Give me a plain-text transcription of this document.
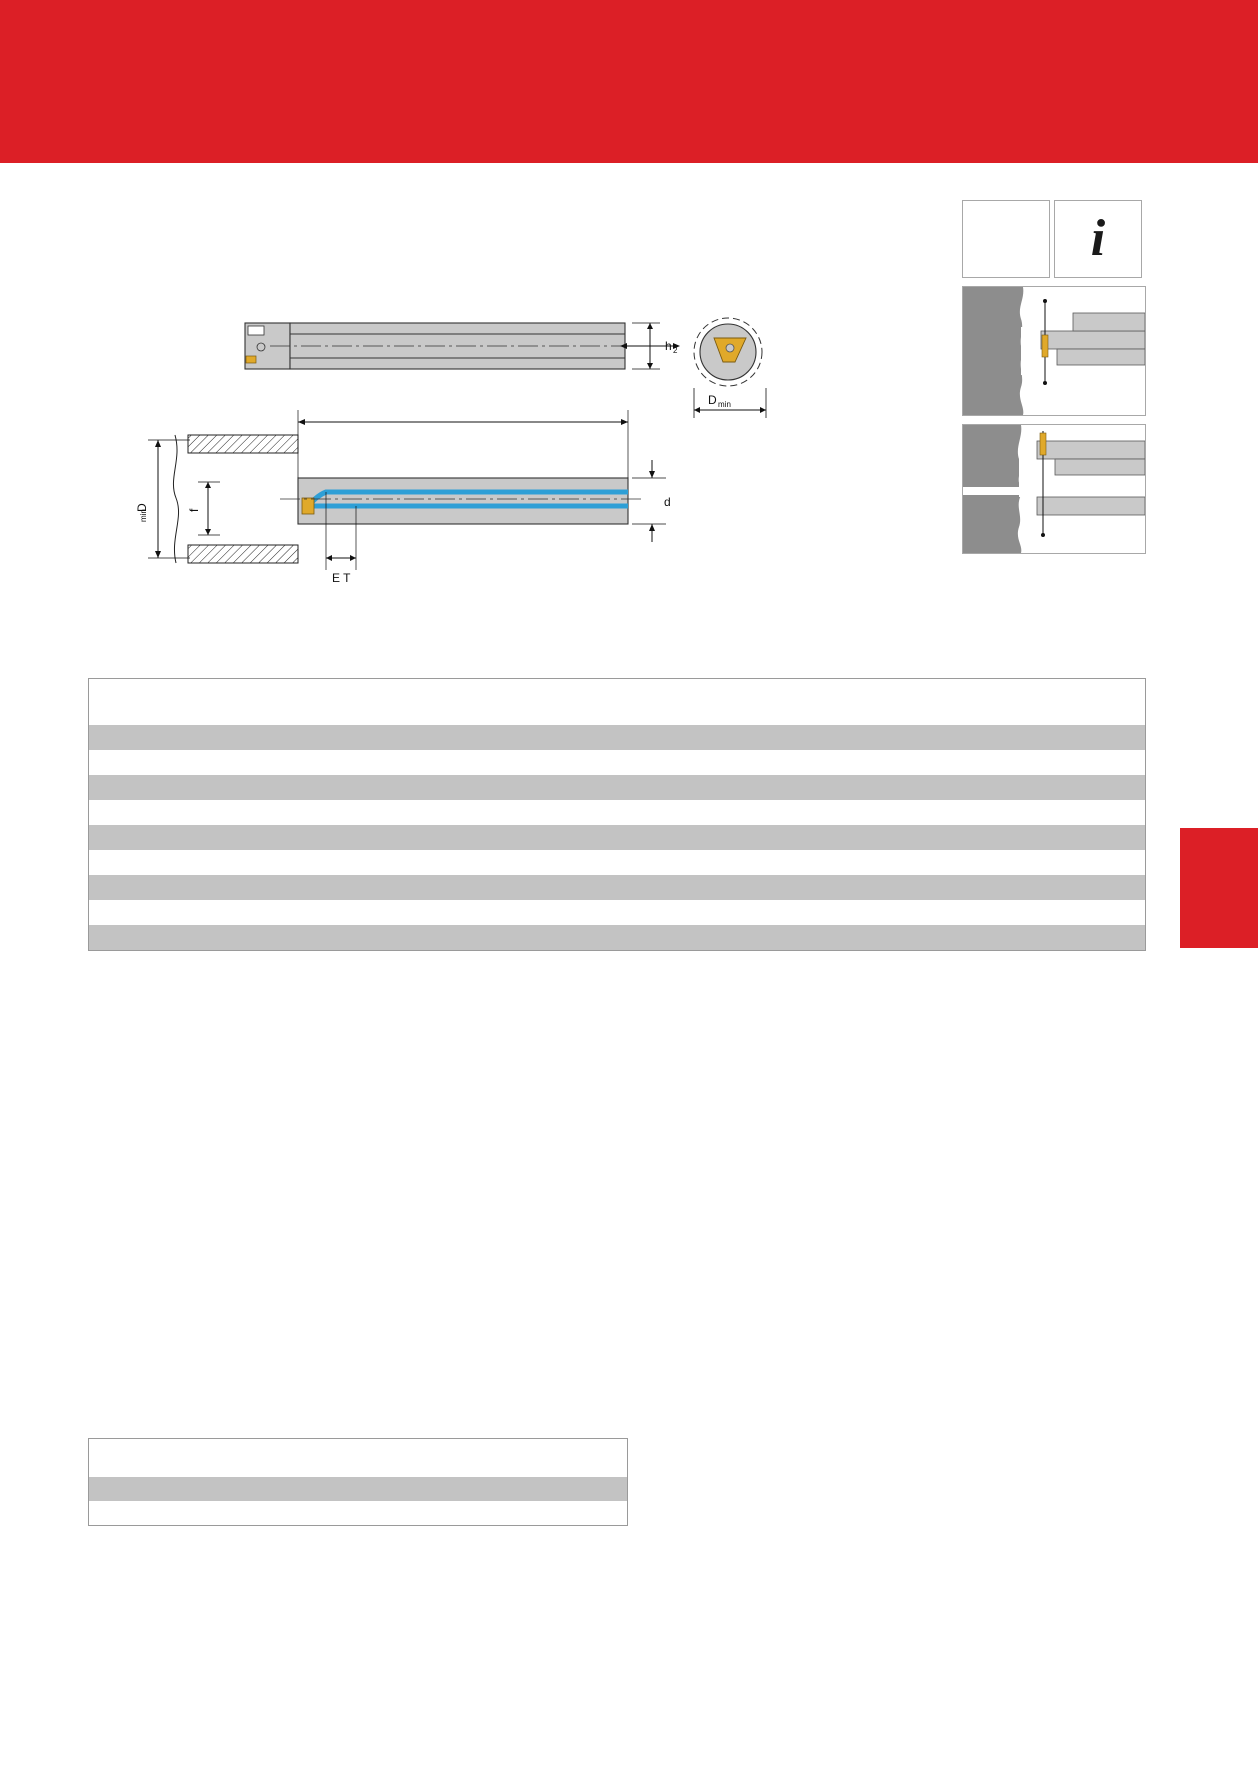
i
h 2
D min
D
min	f
d
E T
